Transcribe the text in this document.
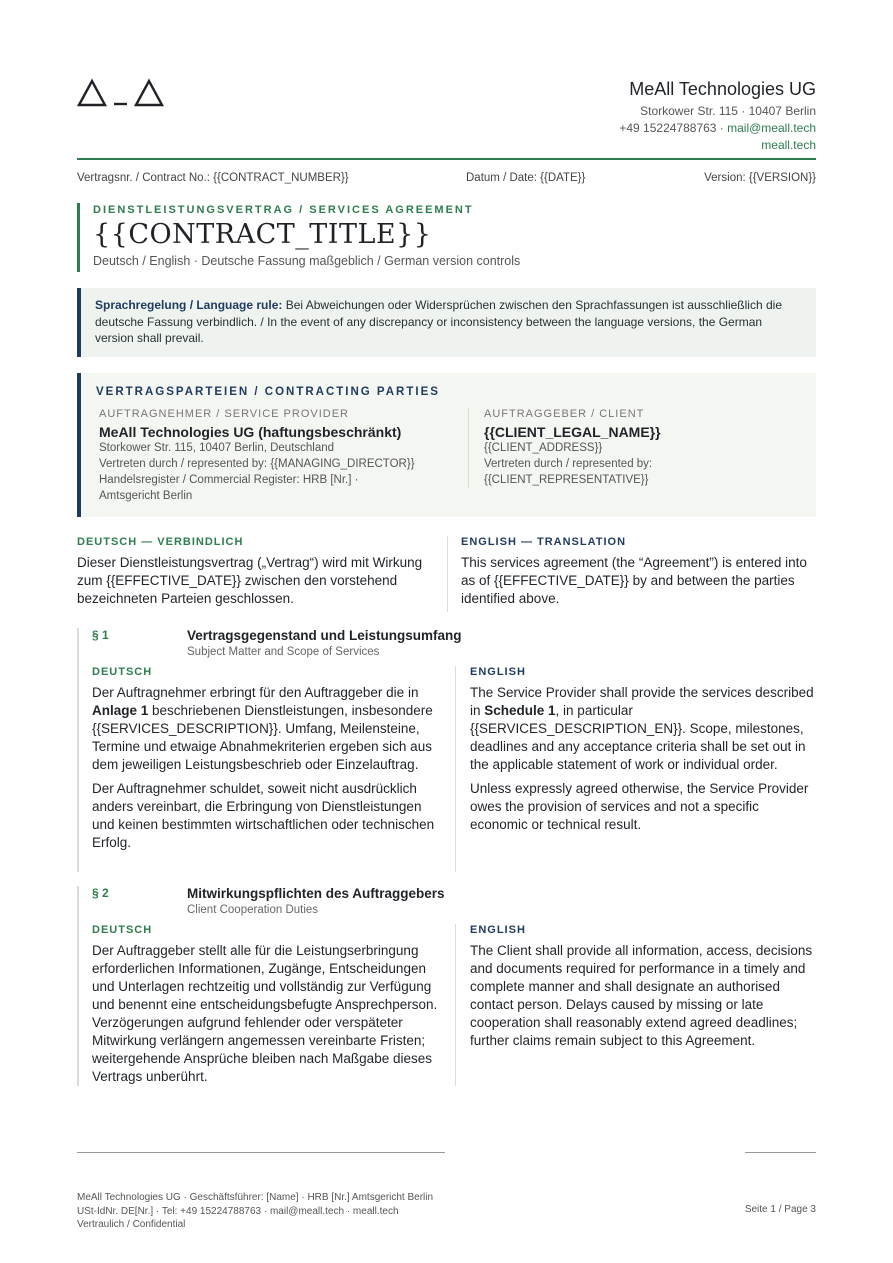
MeAll Technologies UG
Storkower Str. 115 · 10407 Berlin
+49 15224788763 · mail@meall.tech
meall.tech
Vertragsnr. / Contract No.: {{CONTRACT_NUMBER}}	Datum / Date: {{DATE}}	Version: {{VERSION}}
DIENSTLEISTUNGSVERTRAG / SERVICES AGREEMENT
{{CONTRACT_TITLE}}
Deutsch / English · Deutsche Fassung maßgeblich / German version controls
Sprachregelung / Language rule: Bei Abweichungen oder Widersprüchen zwischen den Sprachfassungen ist ausschließlich die deutsche Fassung verbindlich. / In the event of any discrepancy or inconsistency between the language versions, the German version shall prevail.
VERTRAGSPARTEIEN / CONTRACTING PARTIES
AUFTRAGNEHMER / SERVICE PROVIDER
MeAll Technologies UG (haftungsbeschränkt)
Storkower Str. 115, 10407 Berlin, Deutschland
Vertreten durch / represented by: {{MANAGING_DIRECTOR}}
Handelsregister / Commercial Register: HRB [Nr.] ·
Amtsgericht Berlin
AUFTRAGGEBER / CLIENT
{{CLIENT_LEGAL_NAME}}
{{CLIENT_ADDRESS}}
Vertreten durch / represented by:
{{CLIENT_REPRESENTATIVE}}
DEUTSCH — VERBINDLICH

Dieser Dienstleistungsvertrag („Vertrag“) wird mit Wirkung zum {{EFFECTIVE_DATE}} zwischen den vorstehend bezeichneten Parteien geschlossen.

ENGLISH — TRANSLATION

This services agreement (the “Agreement”) is entered into as of {{EFFECTIVE_DATE}} by and between the parties identified above.

§ 1	Vertragsgegenstand und Leistungsumfang
Subject Matter and Scope of Services
DEUTSCH

Der Auftragnehmer erbringt für den Auftraggeber die in Anlage 1 beschriebenen Dienstleistungen, insbesondere {{SERVICES_DESCRIPTION}}. Umfang, Meilensteine, Termine und etwaige Abnahmekriterien ergeben sich aus dem jeweiligen Leistungsbeschrieb oder Einzelauftrag.

Der Auftragnehmer schuldet, soweit nicht ausdrücklich anders vereinbart, die Erbringung von Dienstleistungen und keinen bestimmten wirtschaftlichen oder technischen Erfolg.

ENGLISH

The Service Provider shall provide the services described in Schedule 1, in particular {{SERVICES_DESCRIPTION_EN}}. Scope, milestones, deadlines and any acceptance criteria shall be set out in the applicable statement of work or individual order.

Unless expressly agreed otherwise, the Service Provider owes the provision of services and not a specific economic or technical result.

§ 2	Mitwirkungspflichten des Auftraggebers
Client Cooperation Duties
DEUTSCH

Der Auftraggeber stellt alle für die Leistungserbringung erforderlichen Informationen, Zugänge, Entscheidungen und Unterlagen rechtzeitig und vollständig zur Verfügung und benennt eine entscheidungsbefugte Ansprechperson. Verzögerungen aufgrund fehlender oder verspäteter Mitwirkung verlängern angemessen vereinbarte Fristen; weitergehende Ansprüche bleiben nach Maßgabe dieses Vertrags unberührt.

ENGLISH

The Client shall provide all information, access, decisions and documents required for performance in a timely and complete manner and shall designate an authorised contact person. Delays caused by missing or late cooperation shall reasonably extend agreed deadlines; further claims remain subject to this Agreement.

MeAll Technologies UG · Geschäftsführer: [Name] · HRB [Nr.] Amtsgericht Berlin
USt-IdNr. DE[Nr.] · Tel: +49 15224788763 · mail@meall.tech · meall.tech
Vertraulich / Confidential
Seite 1 / Page 3
